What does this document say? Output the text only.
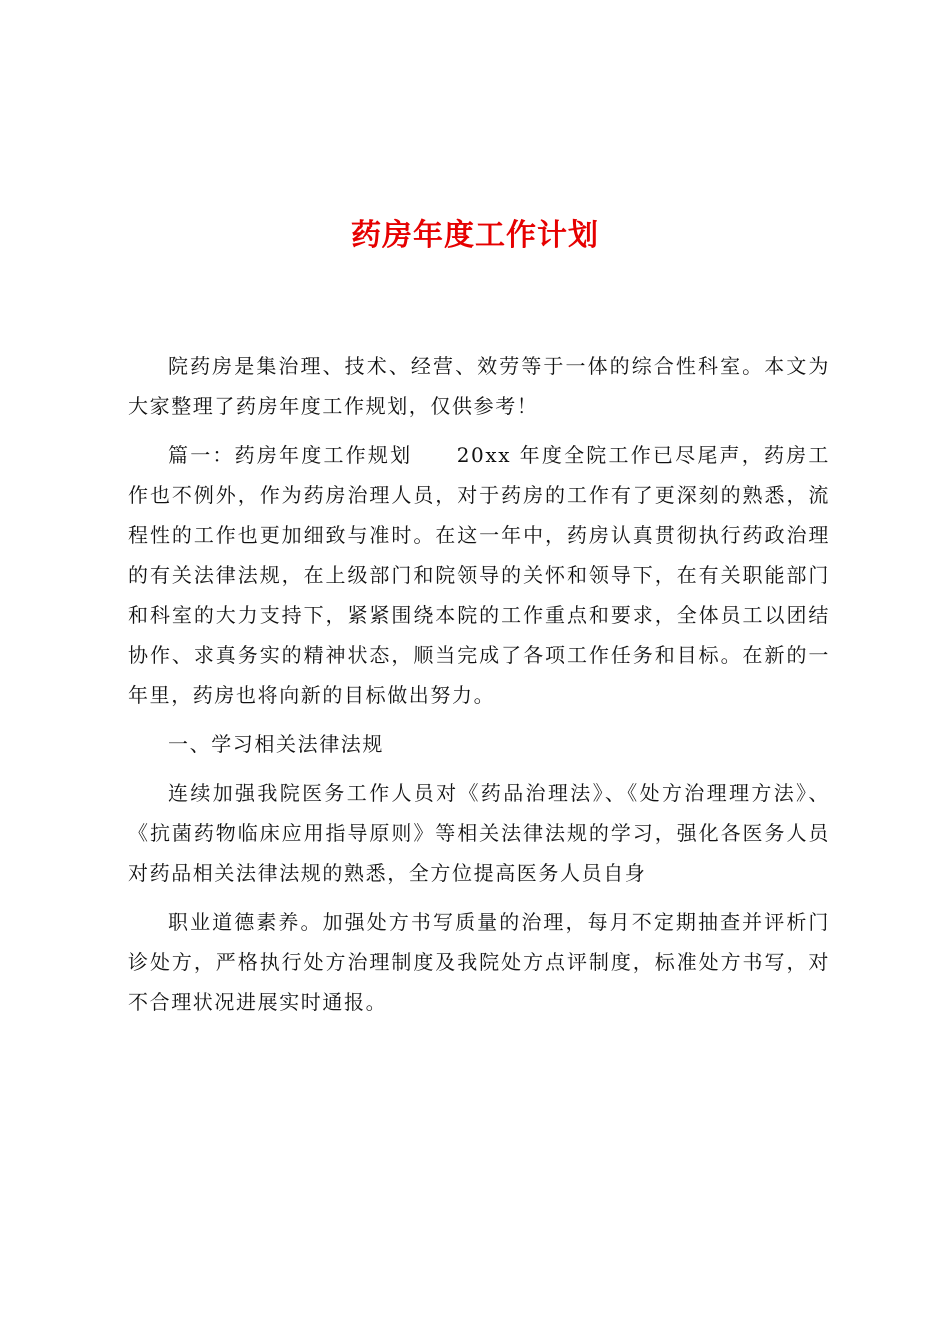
药房年度工作计划

院药房是集治理、技术、经营、效劳等于一体的综合性科室。本文为大家整理了药房年度工作规划，仅供参考！

篇一：药房年度工作规划　　20xx 年度全院工作已尽尾声，药房工作也不例外，作为药房治理人员，对于药房的工作有了更深刻的熟悉，流程性的工作也更加细致与准时。在这一年中，药房认真贯彻执行药政治理的有关法律法规，在上级部门和院领导的关怀和领导下，在有关职能部门和科室的大力支持下，紧紧围绕本院的工作重点和要求，全体员工以团结协作、求真务实的精神状态，顺当完成了各项工作任务和目标。在新的一年里，药房也将向新的目标做出努力。

一、学习相关法律法规

连续加强我院医务工作人员对《药品治理法》、《处方治理理方法》、《抗菌药物临床应用指导原则》等相关法律法规的学习，强化各医务人员对药品相关法律法规的熟悉，全方位提高医务人员自身

职业道德素养。加强处方书写质量的治理，每月不定期抽查并评析门诊处方，严格执行处方治理制度及我院处方点评制度，标准处方书写，对不合理状况进展实时通报。
